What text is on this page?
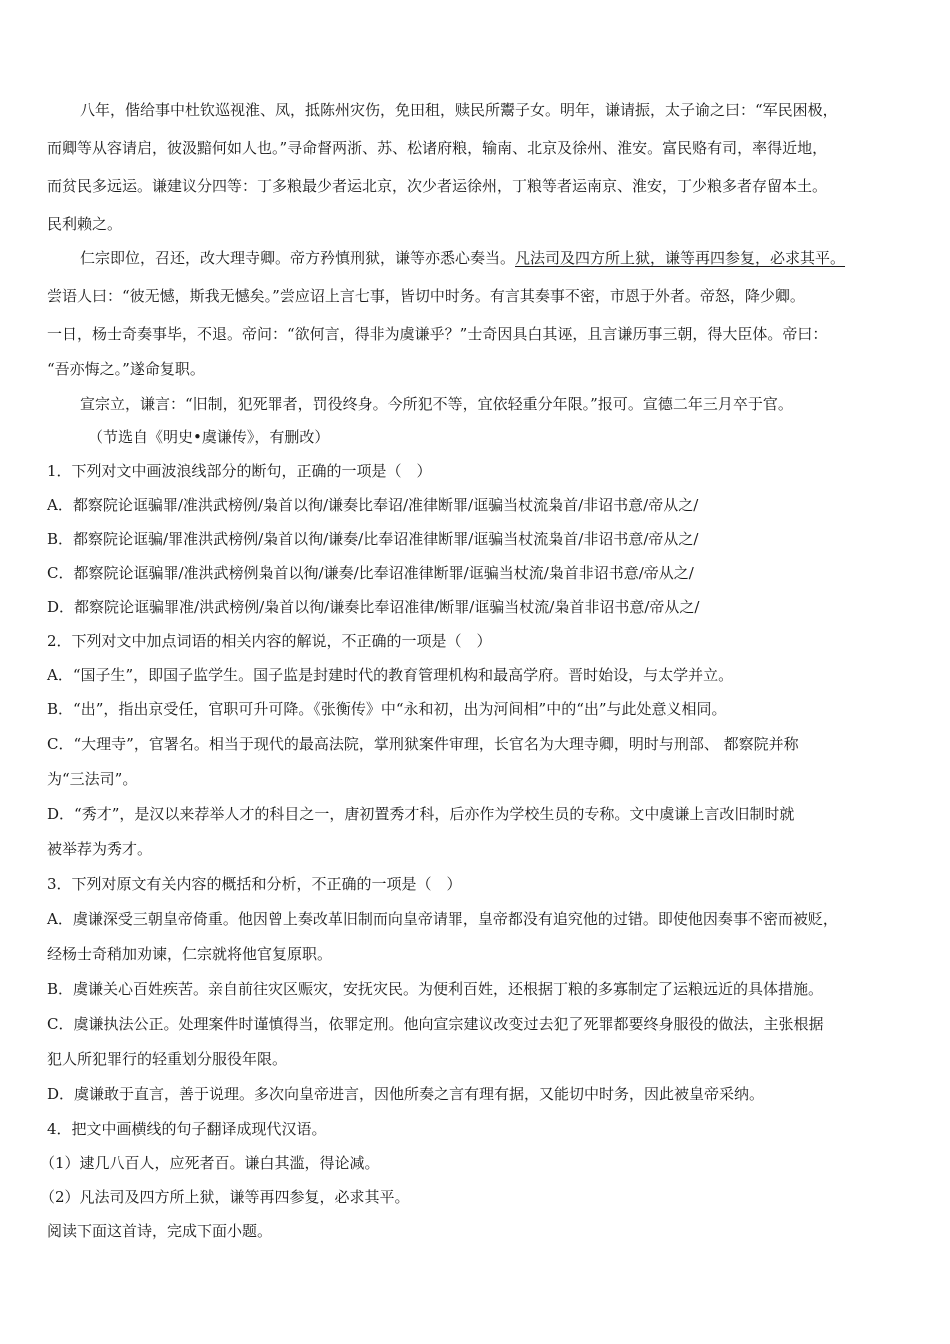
八年，偕给事中杜钦巡视淮、凤，抵陈州灾伤，免田租，赎民所鬻子女。明年，谦请振，太子谕之曰：“军民困极，
而卿等从容请启，彼汲黯何如人也。”寻命督两浙、苏、松诸府粮，输南、北京及徐州、淮安。富民赂有司，率得近地，
而贫民多远运。谦建议分四等：丁多粮最少者运北京，次少者运徐州，丁粮等者运南京、淮安，丁少粮多者存留本土。
民利赖之。
仁宗即位，召还，改大理寺卿。帝方矜慎刑狱，谦等亦悉心奏当。凡法司及四方所上狱，谦等再四参复，必求其平。
尝语人曰：“彼无憾，斯我无憾矣。”尝应诏上言七事，皆切中时务。有言其奏事不密，市恩于外者。帝怒，降少卿。
一日，杨士奇奏事毕，不退。帝问：“欲何言，得非为虞谦乎？”士奇因具白其诬，且言谦历事三朝，得大臣体。帝曰：
“吾亦悔之。”遂命复职。
宣宗立，谦言：“旧制，犯死罪者，罚役终身。今所犯不等，宜依轻重分年限。”报可。宣德二年三月卒于官。
（节选自《明史•虞谦传》，有删改）
1．下列对文中画波浪线部分的断句，正确的一项是（　）
A．都察院论诓骗罪/准洪武榜例/枭首以徇/谦奏比奉诏/准律断罪/诓骗当杖流枭首/非诏书意/帝从之/
B．都察院论诓骗/罪准洪武榜例/枭首以徇/谦奏/比奉诏准律断罪/诓骗当杖流枭首/非诏书意/帝从之/
C．都察院论诓骗罪/准洪武榜例枭首以徇/谦奏/比奉诏准律断罪/诓骗当杖流/枭首非诏书意/帝从之/
D．都察院论诓骗罪准/洪武榜例/枭首以徇/谦奏比奉诏准律/断罪/诓骗当杖流/枭首非诏书意/帝从之/
2．下列对文中加点词语的相关内容的解说，不正确的一项是（　）
A．“国子生”，即国子监学生。国子监是封建时代的教育管理机构和最高学府。晋时始设，与太学并立。
B．“出”，指出京受任，官职可升可降。《张衡传》中“永和初，出为河间相”中的“出”与此处意义相同。
C．“大理寺”，官署名。相当于现代的最高法院，掌刑狱案件审理，长官名为大理寺卿，明时与刑部、 都察院并称
为“三法司”。
D．“秀才”，是汉以来荐举人才的科目之一，唐初置秀才科，后亦作为学校生员的专称。文中虞谦上言改旧制时就
被举荐为秀才。
3．下列对原文有关内容的概括和分析，不正确的一项是（　）
A．虞谦深受三朝皇帝倚重。他因曾上奏改革旧制而向皇帝请罪，皇帝都没有追究他的过错。即使他因奏事不密而被贬，
经杨士奇稍加劝谏，仁宗就将他官复原职。
B．虞谦关心百姓疾苦。亲自前往灾区赈灾，安抚灾民。为便利百姓，还根据丁粮的多寡制定了运粮远近的具体措施。
C．虞谦执法公正。处理案件时谨慎得当，依罪定刑。他向宣宗建议改变过去犯了死罪都要终身服役的做法，主张根据
犯人所犯罪行的轻重划分服役年限。
D．虞谦敢于直言，善于说理。多次向皇帝进言，因他所奏之言有理有据，又能切中时务，因此被皇帝采纳。
4．把文中画横线的句子翻译成现代汉语。
（1）逮几八百人，应死者百。谦白其滥，得论减。
（2）凡法司及四方所上狱，谦等再四参复，必求其平。
阅读下面这首诗，完成下面小题。
